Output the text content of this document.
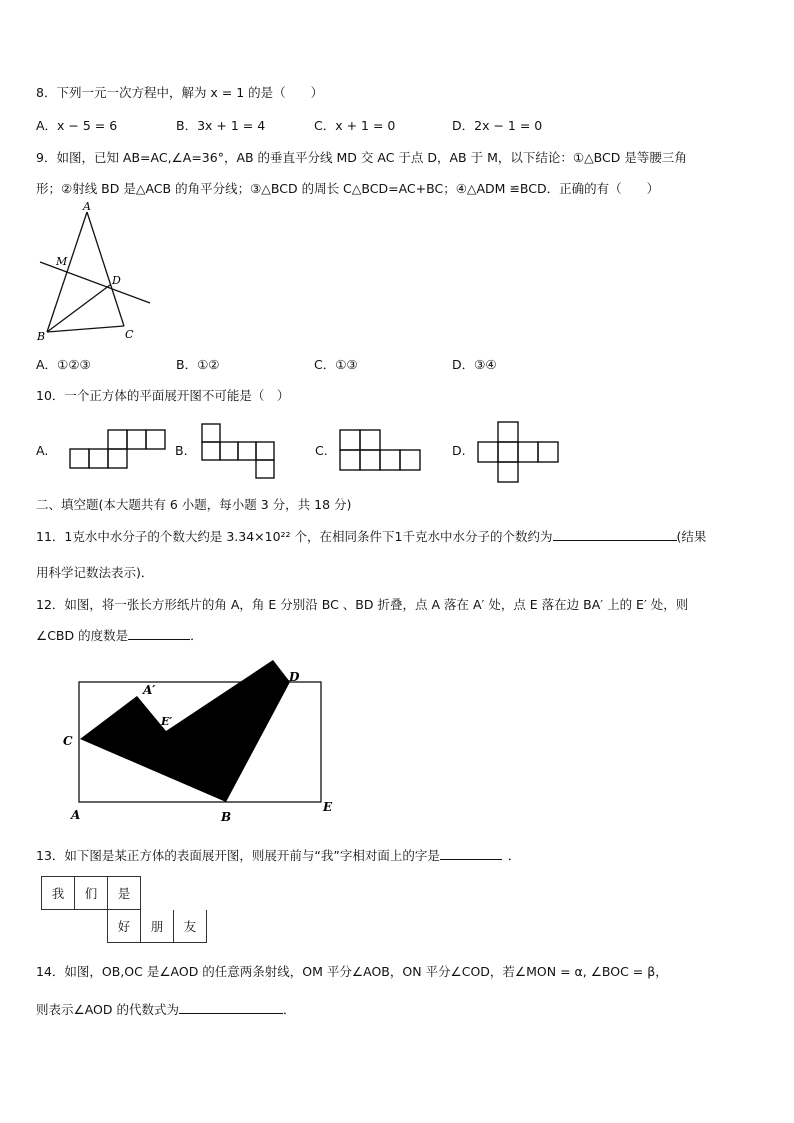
8．下列一元一次方程中，解为 x = 1 的是（　　）
A．x − 5 = 6	B．3x + 1 = 4	C．x + 1 = 0	D．2x − 1 = 0
9．如图，已知 AB=AC,∠A=36°，AB 的垂直平分线 MD 交 AC 于点 D，AB 于 M，以下结论：①△BCD 是等腰三角
形；②射线 BD 是△ACB 的角平分线；③△BCD 的周长 C△BCD=AC+BC；④△ADM ≌BCD．正确的有（　　）
A
M
D
B	C
A．①②③	B．①②	C．①③	D．③④
10．一个正方体的平面展开图不可能是（　）
A.	B.	C.	D.
二、填空题(本大题共有 6 小题，每小题 3 分，共 18 分)
11．1克水中水分子的个数大约是 3.34×10²² 个，在相同条件下1千克水中水分子的个数约为	(结果
用科学记数法表示)．
12．如图，将一张长方形纸片的角 A，角 E 分别沿 BC 、BD 折叠，点 A 落在 A′ 处，点 E 落在边 BA′ 上的 E′ 处，则
∠CBD 的度数是	．
A′
D
E′
C
A	B
E
13．如下图是某正方体的表面展开图，则展开前与“我”字相对面上的字是	．
我	们	是
好	朋	友
14．如图，OB,OC 是∠AOD 的任意两条射线，OM 平分∠AOB，ON 平分∠COD，若∠MON = α, ∠BOC = β，
则表示∠AOD 的代数式为	．
